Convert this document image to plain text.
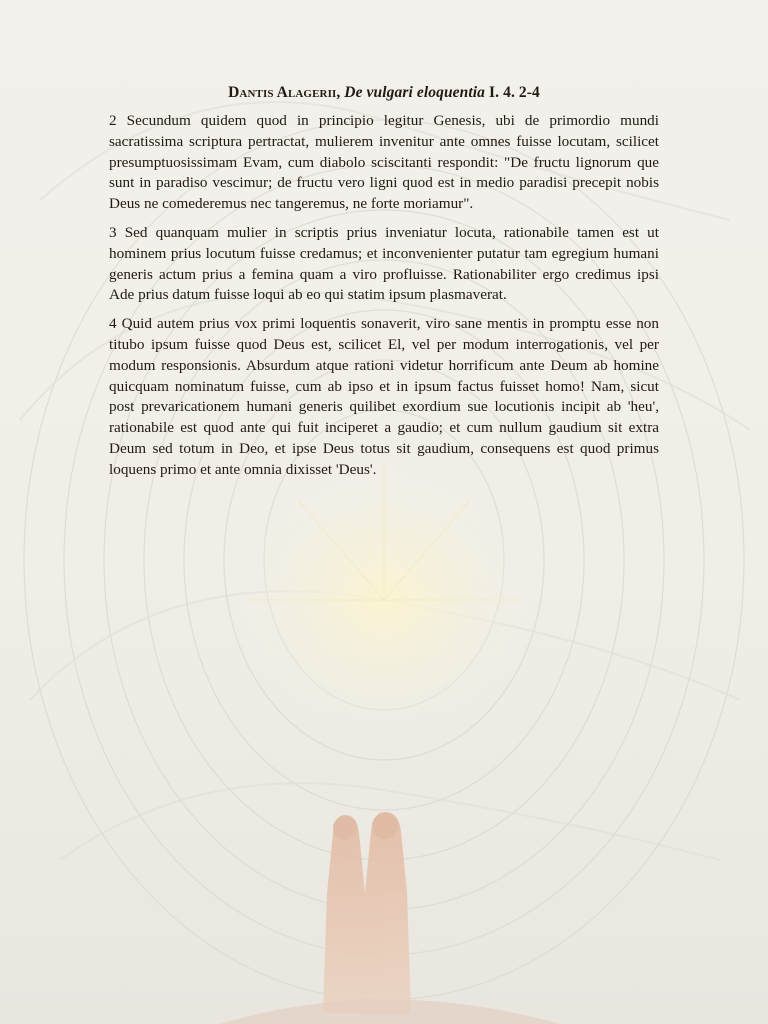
Dantis Alagerii, De vulgari eloquentia I. 4. 2-4

2 Secundum quidem quod in principio legitur Genesis, ubi de primordio mundi sacratissima scriptura pertractat, mulierem invenitur ante omnes fuisse locutam, scilicet presumptuosissimam Evam, cum diabolo sciscitanti respondit: "De fructu lignorum que sunt in paradiso vescimur; de fructu vero ligni quod est in medio paradisi precepit nobis Deus ne comederemus nec tangeremus, ne forte moriamur".

3 Sed quanquam mulier in scriptis prius inveniatur locuta, rationabile tamen est ut hominem prius locutum fuisse credamus; et inconvenienter putatur tam egregium humani generis actum prius a femina quam a viro profluisse. Rationabiliter ergo credimus ipsi Ade prius datum fuisse loqui ab eo qui statim ipsum plasmaverat.

4 Quid autem prius vox primi loquentis sonaverit, viro sane mentis in promptu esse non titubo ipsum fuisse quod Deus est, scilicet El, vel per modum interrogationis, vel per modum responsionis. Absurdum atque rationi videtur horrificum ante Deum ab homine quicquam nominatum fuisse, cum ab ipso et in ipsum factus fuisset homo! Nam, sicut post prevaricationem humani generis quilibet exordium sue locutionis incipit ab 'heu', rationabile est quod ante qui fuit inciperet a gaudio; et cum nullum gaudium sit extra Deum sed totum in Deo, et ipse Deus totus sit gaudium, consequens est quod primus loquens primo et ante omnia dixisset 'Deus'.
